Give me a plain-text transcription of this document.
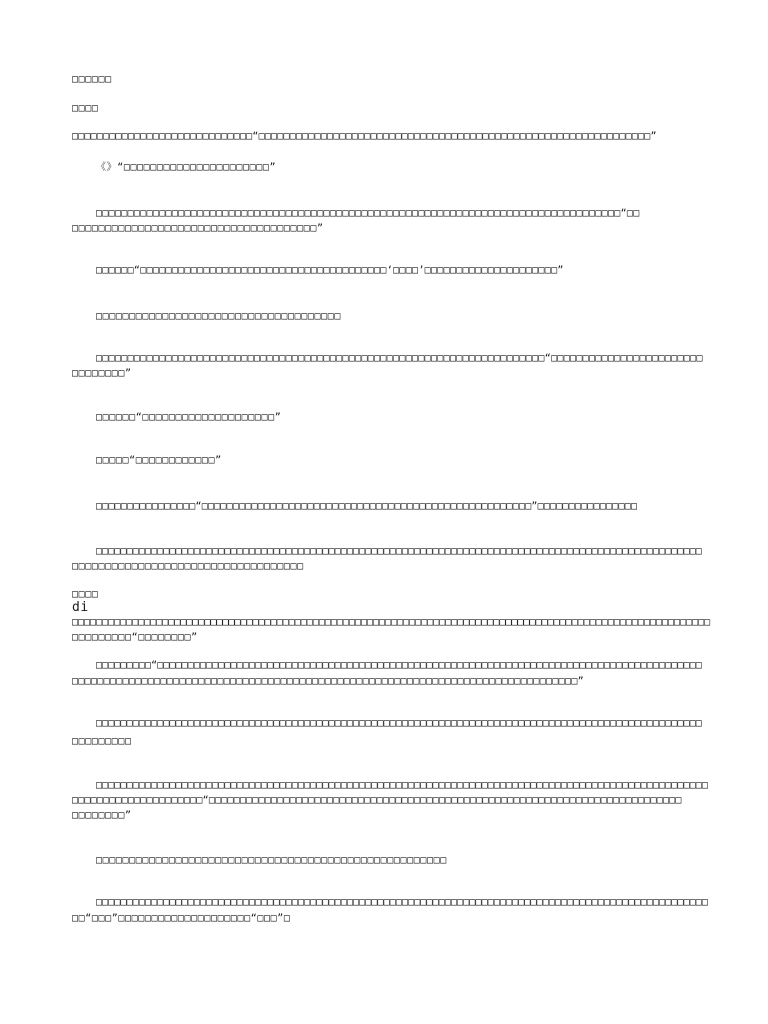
□□□□□□

□□□□

□□□□□□□□□□□□□□□□□□□□□□□□□□□□□“□□□□□□□□□□□□□□□□□□□□□□□□□□□□□□□□□□□□□□□□□□□□□□□□□□□□□□□□□□□□□□□”

《》“□□□□□□□□□□□□□□□□□□□□□□”

□□□□□□□□□□□□□□□□□□□□□□□□□□□□□□□□□□□□□□□□□□□□□□□□□□□□□□□□□□□□□□□□□□□□□□□□□□□□□□□□□□□“□□

□□□□□□□□□□□□□□□□□□□□□□□□□□□□□□□□□□□□□”

□□□□□□“□□□□□□□□□□□□□□□□□□□□□□□□□□□□□□□□□□□□□□□‘□□□□’□□□□□□□□□□□□□□□□□□□□□”

□□□□□□□□□□□□□□□□□□□□□□□□□□□□□□□□□□□□□

□□□□□□□□□□□□□□□□□□□□□□□□□□□□□□□□□□□□□□□□□□□□□□□□□□□□□□□□□□□□□□□□□□□□□□□“□□□□□□□□□□□□□□□□□□□□□□□□

□□□□□□□□”

□□□□□□“□□□□□□□□□□□□□□□□□□□□”

□□□□□“□□□□□□□□□□□□”

□□□□□□□□□□□□□□□□“□□□□□□□□□□□□□□□□□□□□□□□□□□□□□□□□□□□□□□□□□□□□□□□□□□□□□”□□□□□□□□□□□□□□□□

□□□□□□□□□□□□□□□□□□□□□□□□□□□□□□□□□□□□□□□□□□□□□□□□□□□□□□□□□□□□□□□□□□□□□□□□□□□□□□□□□□□□□□□□□□□□□□□□□□□

□□□□□□□□□□□□□□□□□□□□□□□□□□□□□□□□□□□

□□□□

di

□□□□□□□□□□□□□□□□□□□□□□□□□□□□□□□□□□□□□□□□□□□□□□□□□□□□□□□□□□□□□□□□□□□□□□□□□□□□□□□□□□□□□□□□□□□□□□□□□□□□□□□□□□

□□□□□□□□□“□□□□□□□□”

□□□□□□□□□“□□□□□□□□□□□□□□□□□□□□□□□□□□□□□□□□□□□□□□□□□□□□□□□□□□□□□□□□□□□□□□□□□□□□□□□□□□□□□□□□□□□□□□□□□

□□□□□□□□□□□□□□□□□□□□□□□□□□□□□□□□□□□□□□□□□□□□□□□□□□□□□□□□□□□□□□□□□□□□□□□□□□□□□□□□”

□□□□□□□□□□□□□□□□□□□□□□□□□□□□□□□□□□□□□□□□□□□□□□□□□□□□□□□□□□□□□□□□□□□□□□□□□□□□□□□□□□□□□□□□□□□□□□□□□□□

□□□□□□□□□

□□□□□□□□□□□□□□□□□□□□□□□□□□□□□□□□□□□□□□□□□□□□□□□□□□□□□□□□□□□□□□□□□□□□□□□□□□□□□□□□□□□□□□□□□□□□□□□□□□□□

□□□□□□□□□□□□□□□□□□□□□“□□□□□□□□□□□□□□□□□□□□□□□□□□□□□□□□□□□□□□□□□□□□□□□□□□□□□□□□□□□□□□□□□□□□□□□□□□□□

□□□□□□□□”

□□□□□□□□□□□□□□□□□□□□□□□□□□□□□□□□□□□□□□□□□□□□□□□□□□□□□

□□□□□□□□□□□□□□□□□□□□□□□□□□□□□□□□□□□□□□□□□□□□□□□□□□□□□□□□□□□□□□□□□□□□□□□□□□□□□□□□□□□□□□□□□□□□□□□□□□□□

□□“□□□”□□□□□□□□□□□□□□□□□□□□“□□□”□
